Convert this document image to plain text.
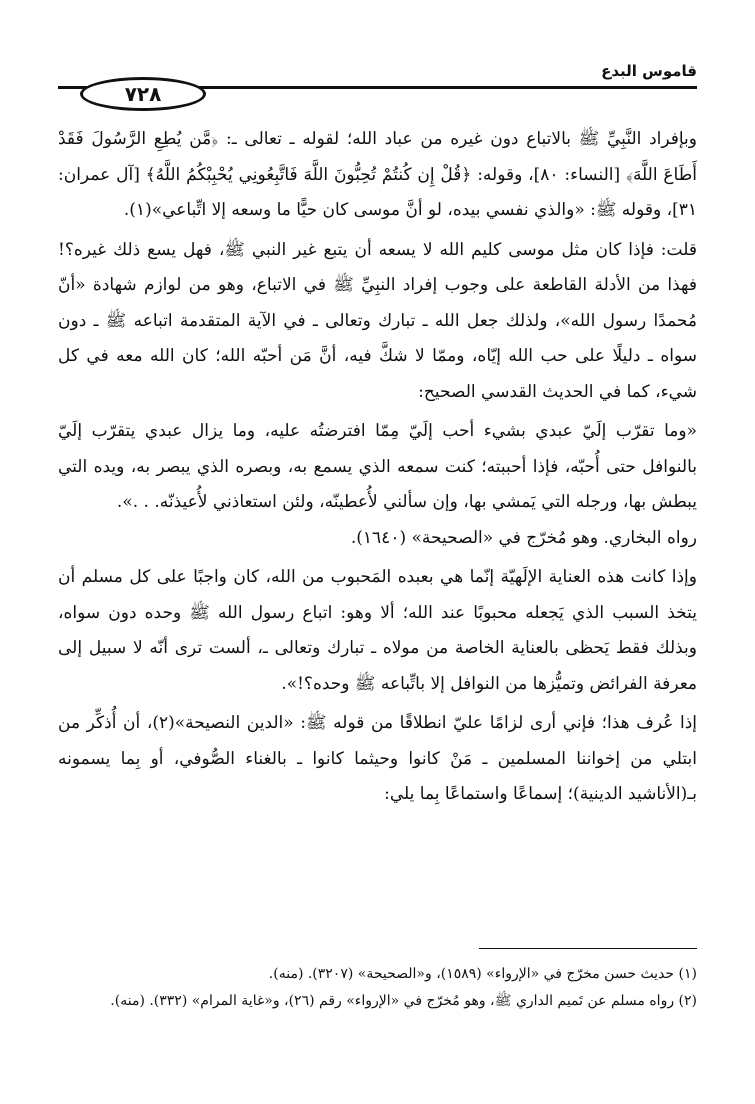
قاموس البدع
٧٢٨

وبإفراد النَّبِيِّ ﷺ بالاتباع دون غيره من عباد الله؛ لقوله ـ تعالى ـ: ﴿مَّن يُطِعِ الرَّسُولَ فَقَدْ أَطَاعَ اللَّهَ﴾ [النساء: ٨٠]، وقوله: ﴿قُلْ إِن كُنتُمْ تُحِبُّونَ اللَّهَ فَاتَّبِعُونِي يُحْبِبْكُمُ اللَّهُ﴾ [آل عمران: ٣١]، وقوله ﷺ: «والذي نفسي بيده، لو أنَّ موسى كان حيًّا ما وسعه إلا اتِّباعي»(١).

قلت: فإذا كان مثل موسى كليم الله لا يسعه أن يتبع غير النبي ﷺ، فهل يسع ذلك غيره؟! فهذا من الأدلة القاطعة على وجوب إفراد النبِيِّ ﷺ في الاتباع، وهو من لوازم شهادة «أنّ مُحمدًا رسول الله»، ولذلك جعل الله ـ تبارك وتعالى ـ في الآية المتقدمة اتباعه ﷺ ـ دون سواه ـ دليلًا على حب الله إيّاه، وممّا لا شكَّ فيه، أنَّ مَن أحبّه الله؛ كان الله معه في كل شيء، كما في الحديث القدسي الصحيح:

«وما تقرّب إلَيّ عبدي بشيء أحب إلَيّ مِمّا افترضتُه عليه، وما يزال عبدي يتقرّب إلَيّ بالنوافل حتى أُحبّه، فإذا أحببته؛ كنت سمعه الذي يسمع به، وبصره الذي يبصر به، ويده التي يبطش بها، ورجله التي يَمشي بها، وإن سألني لأُعطينّه، ولئن استعاذني لأُعيذنّه. . .».

رواه البخاري. وهو مُخرّج في «الصحيحة» (١٦٤٠).

وإذا كانت هذه العناية الإلَهيّة إنّما هي بعبده المَحبوب من الله، كان واجبًا على كل مسلم أن يتخذ السبب الذي يَجعله محبوبًا عند الله؛ ألا وهو: اتباع رسول الله ﷺ وحده دون سواه، وبذلك فقط يَحظى بالعناية الخاصة من مولاه ـ تبارك وتعالى ـ، ألست ترى أنّه لا سبيل إلى معرفة الفرائض وتميُّزها من النوافل إلا باتِّباعه ﷺ وحده؟!».

إذا عُرف هذا؛ فإني أرى لزامًا عليّ انطلاقًا من قوله ﷺ: «الدين النصيحة»(٢)، أن أُذكِّر من ابتلي من إخواننا المسلمين ـ مَنْ كانوا وحيثما كانوا ـ بالغناء الصُّوفي، أو بِما يسمونه بـ(الأناشيد الدينية)؛ إسماعًا واستماعًا بِما يلي:

(١) حديث حسن مخرّج في «الإرواء» (١٥٨٩)، و«الصحيحة» (٣٢٠٧). (منه).

(٢) رواه مسلم عن تَميم الداري ﷺ، وهو مُخرّج في «الإرواء» رقم (٢٦)، و«غاية المرام» (٣٣٢). (منه).
